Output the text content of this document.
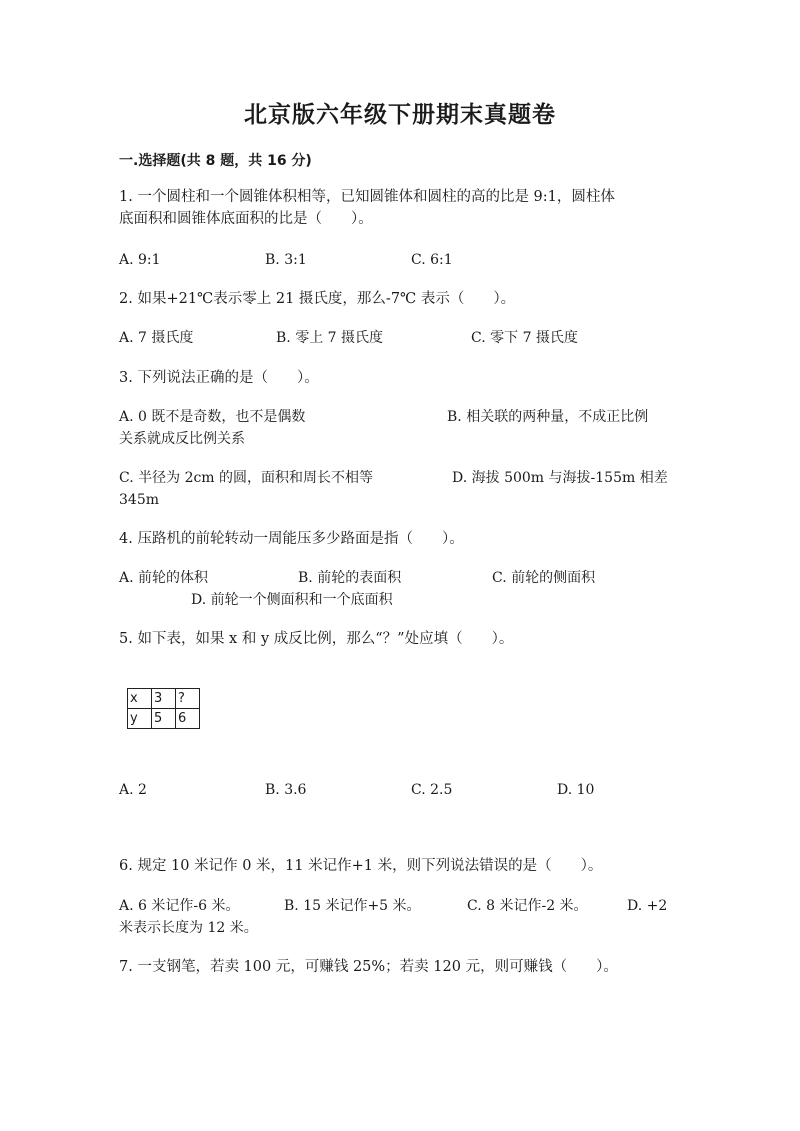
北京版六年级下册期末真题卷
一.选择题(共 8 题，共 16 分)
1. 一个圆柱和一个圆锥体积相等，已知圆锥体和圆柱的高的比是 9:1，圆柱体
底面积和圆锥体底面积的比是（　　）。
A. 9:1	B. 3:1	C. 6:1
2. 如果+21℃表示零上 21 摄氏度，那么-7℃ 表示（　　）。
A. 7 摄氏度	B. 零上 7 摄氏度	C. 零下 7 摄氏度
3. 下列说法正确的是（　　）。
A. 0 既不是奇数，也不是偶数	B. 相关联的两种量，不成正比例
关系就成反比例关系
C. 半径为 2cm 的圆，面积和周长不相等	D. 海拔 500m 与海拔-155m 相差
345m
4. 压路机的前轮转动一周能压多少路面是指（　　）。
A. 前轮的体积	B. 前轮的表面积	C. 前轮的侧面积
D. 前轮一个侧面积和一个底面积
5. 如下表，如果 x 和 y 成反比例，那么“？”处应填（　　）。
x	3	?
y	5	6
A. 2	B. 3.6	C. 2.5	D. 10
6. 规定 10 米记作 0 米，11 米记作+1 米，则下列说法错误的是（　　）。
A. 6 米记作-6 米。	B. 15 米记作+5 米。	C. 8 米记作-2 米。	D. +2
米表示长度为 12 米。
7. 一支钢笔，若卖 100 元，可赚钱 25%；若卖 120 元，则可赚钱（　　）。
